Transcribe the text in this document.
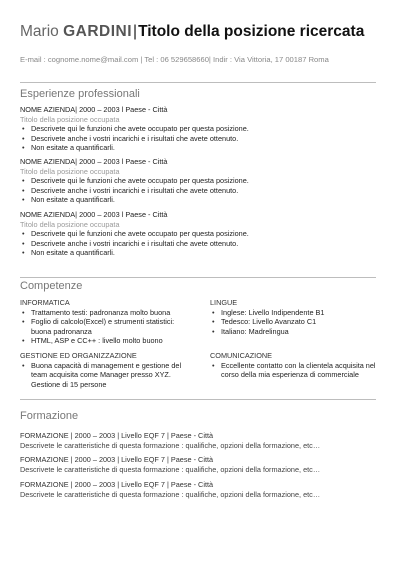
Mario GARDINI|Titolo della posizione ricercata
E-mail : cognome.nome@mail.com | Tel : 06 529658660| Indir : Via Vittoria, 17 00187 Roma
Esperienze professionali
NOME AZIENDA| 2000 – 2003 l Paese - Città
Titolo della posizione occupata
• Descrivete qui le funzioni che avete occupato per questa posizione.
• Descrivete anche i vostri incarichi e i risultati che avete ottenuto.
• Non esitate a quantificarli.
NOME AZIENDA| 2000 – 2003 l Paese - Città
Titolo della posizione occupata
• Descrivete qui le funzioni che avete occupato per questa posizione.
• Descrivete anche i vostri incarichi e i risultati che avete ottenuto.
• Non esitate a quantificarli.
NOME AZIENDA| 2000 – 2003 l Paese - Città
Titolo della posizione occupata
• Descrivete qui le funzioni che avete occupato per questa posizione.
• Descrivete anche i vostri incarichi e i risultati che avete ottenuto.
• Non esitate a quantificarli.
Competenze
INFORMATICA
• Trattamento testi: padronanza molto buona
• Foglio di calcolo(Excel) e strumenti statistici: buona padronanza
• HTML, ASP e CC++ : livello molto buono
LINGUE
• Inglese: Livello Indipendente B1
• Tedesco: Livello Avanzato C1
• Italiano: Madrelingua
GESTIONE ED ORGANIZZAZIONE
• Buona capacità di management e gestione del team acquisita come Manager presso XYZ. Gestione di 15 persone
COMUNICAZIONE
• Eccellente contatto con la clientela acquisita nel corso della mia esperienza di commerciale
Formazione
FORMAZIONE | 2000 – 2003 | Livello EQF 7 | Paese - Città
Descrivete le caratteristiche di questa formazione : qualifiche, opzioni della formazione, etc…
FORMAZIONE | 2000 – 2003 | Livello EQF 7 | Paese - Città
Descrivete le caratteristiche di questa formazione : qualifiche, opzioni della formazione, etc…
FORMAZIONE | 2000 – 2003 | Livello EQF 7 | Paese - Città
Descrivete le caratteristiche di questa formazione : qualifiche, opzioni della formazione, etc…
